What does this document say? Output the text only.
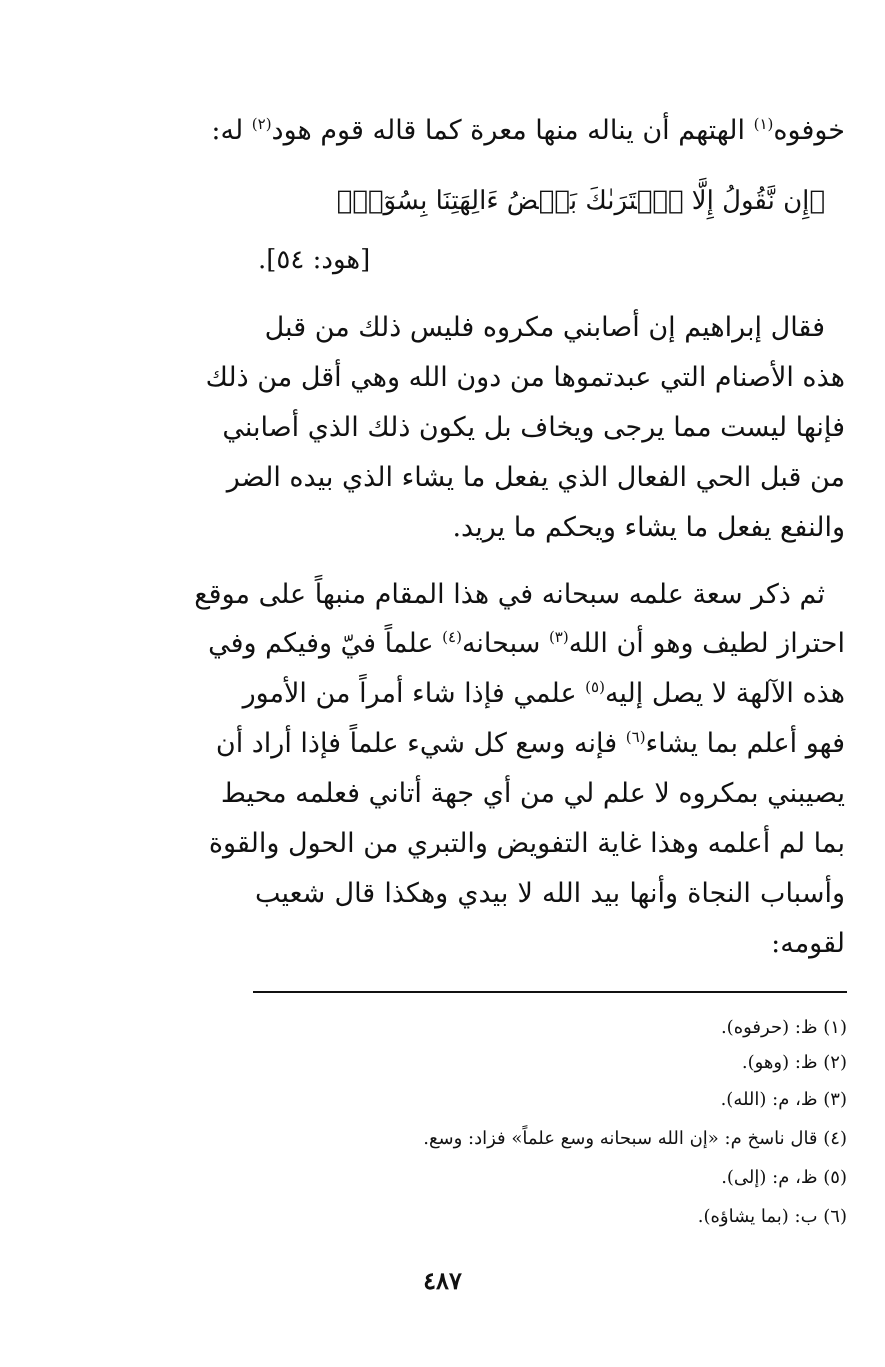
خوفوه$^{(١)}$ الهتهم أن يناله منها معرة كما قاله قوم هود$^{(٢)}$ له:
﴿إِن نَّقُولُ إِلَّا ٱعۡتَرَىٰكَ بَعۡضُ ءَالِهَتِنَا بِسُوٓءٖ﴾
[هود: ٥٤].
فقال إبراهيم إن أصابني مكروه فليس ذلك من قبل
هذه الأصنام التي عبدتموها من دون الله وهي أقل من ذلك
فإنها ليست مما يرجى ويخاف بل يكون ذلك الذي أصابني
من قبل الحي الفعال الذي يفعل ما يشاء الذي بيده الضر
والنفع يفعل ما يشاء ويحكم ما يريد.
ثم ذكر سعة علمه سبحانه في هذا المقام منبهاً على موقع
احتراز لطيف وهو أن الله$^{(٣)}$ سبحانه$^{(٤)}$ علماً فيّ وفيكم وفي
هذه الآلهة لا يصل إليه$^{(٥)}$ علمي فإذا شاء أمراً من الأمور
فهو أعلم بما يشاء$^{(٦)}$ فإنه وسع كل شيء علماً فإذا أراد أن
يصيبني بمكروه لا علم لي من أي جهة أتاني فعلمه محيط
بما لم أعلمه وهذا غاية التفويض والتبري من الحول والقوة
وأسباب النجاة وأنها بيد الله لا بيدي وهكذا قال شعيب
لقومه:
(١) ظ: (حرفوه).
(٢) ظ: (وهو).
(٣) ظ، م: (الله).
(٤) قال ناسخ م: «إن الله سبحانه وسع علماً» فزاد: وسع.
(٥) ظ، م: (إلى).
(٦) ب: (بما يشاؤه).
٤٨٧
